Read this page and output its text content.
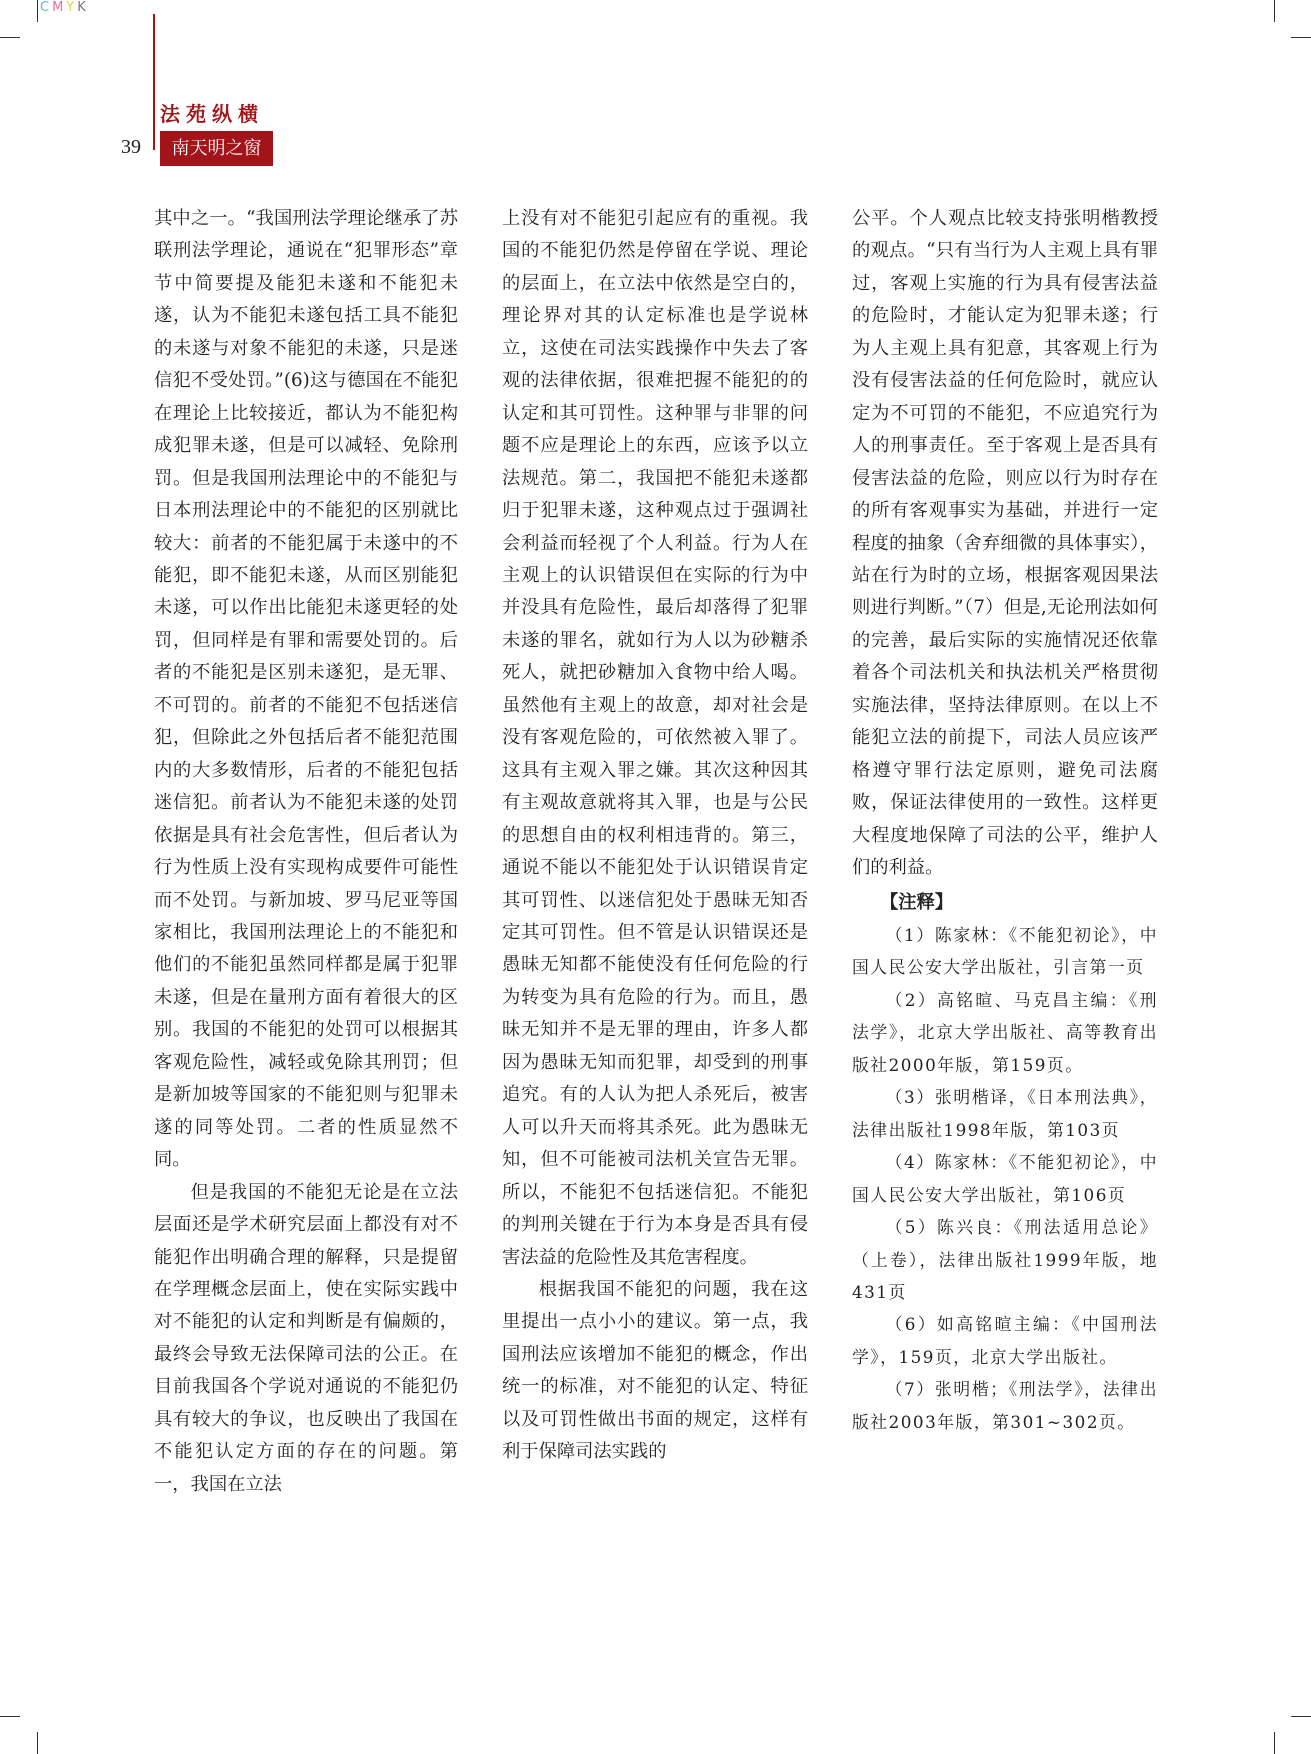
CMYK
法苑纵横
39	南天明之窗

其中之一。“我国刑法学理论继承了苏联刑法学理论，通说在“犯罪形态”章节中简要提及能犯未遂和不能犯未遂，认为不能犯未遂包括工具不能犯的未遂与对象不能犯的未遂，只是迷信犯不受处罚。”(6)这与德国在不能犯在理论上比较接近，都认为不能犯构成犯罪未遂，但是可以减轻、免除刑罚。但是我国刑法理论中的不能犯与日本刑法理论中的不能犯的区别就比较大：前者的不能犯属于未遂中的不能犯，即不能犯未遂，从而区别能犯未遂，可以作出比能犯未遂更轻的处罚，但同样是有罪和需要处罚的。后者的不能犯是区别未遂犯，是无罪、不可罚的。前者的不能犯不包括迷信犯，但除此之外包括后者不能犯范围内的大多数情形，后者的不能犯包括迷信犯。前者认为不能犯未遂的处罚依据是具有社会危害性，但后者认为行为性质上没有实现构成要件可能性而不处罚。与新加坡、罗马尼亚等国家相比，我国刑法理论上的不能犯和他们的不能犯虽然同样都是属于犯罪未遂，但是在量刑方面有着很大的区别。我国的不能犯的处罚可以根据其客观危险性，减轻或免除其刑罚；但是新加坡等国家的不能犯则与犯罪未遂的同等处罚。二者的性质显然不同。

但是我国的不能犯无论是在立法层面还是学术研究层面上都没有对不能犯作出明确合理的解释，只是提留在学理概念层面上，使在实际实践中对不能犯的认定和判断是有偏颇的，最终会导致无法保障司法的公正。在目前我国各个学说对通说的不能犯仍具有较大的争议，也反映出了我国在不能犯认定方面的存在的问题。第一，我国在立法

上没有对不能犯引起应有的重视。我国的不能犯仍然是停留在学说、理论的层面上，在立法中依然是空白的，理论界对其的认定标准也是学说林立，这使在司法实践操作中失去了客观的法律依据，很难把握不能犯的的认定和其可罚性。这种罪与非罪的问题不应是理论上的东西，应该予以立法规范。第二，我国把不能犯未遂都归于犯罪未遂，这种观点过于强调社会利益而轻视了个人利益。行为人在主观上的认识错误但在实际的行为中并没具有危险性，最后却落得了犯罪未遂的罪名，就如行为人以为砂糖杀死人，就把砂糖加入食物中给人喝。虽然他有主观上的故意，却对社会是没有客观危险的，可依然被入罪了。这具有主观入罪之嫌。其次这种因其有主观故意就将其入罪，也是与公民的思想自由的权利相违背的。第三，通说不能以不能犯处于认识错误肯定其可罚性、以迷信犯处于愚昧无知否定其可罚性。但不管是认识错误还是愚昧无知都不能使没有任何危险的行为转变为具有危险的行为。而且，愚昧无知并不是无罪的理由，许多人都因为愚昧无知而犯罪，却受到的刑事追究。有的人认为把人杀死后，被害人可以升天而将其杀死。此为愚昧无知，但不可能被司法机关宣告无罪。所以，不能犯不包括迷信犯。不能犯的判刑关键在于行为本身是否具有侵害法益的危险性及其危害程度。

根据我国不能犯的问题，我在这里提出一点小小的建议。第一点，我国刑法应该增加不能犯的概念，作出统一的标准，对不能犯的认定、特征以及可罚性做出书面的规定，这样有利于保障司法实践的

公平。个人观点比较支持张明楷教授的观点。“只有当行为人主观上具有罪过，客观上实施的行为具有侵害法益的危险时，才能认定为犯罪未遂；行为人主观上具有犯意，其客观上行为没有侵害法益的任何危险时，就应认定为不可罚的不能犯，不应追究行为人的刑事责任。至于客观上是否具有侵害法益的危险，则应以行为时存在的所有客观事实为基础，并进行一定程度的抽象（舍弃细微的具体事实），站在行为时的立场，根据客观因果法则进行判断。”（7）但是,无论刑法如何的完善，最后实际的实施情况还依靠着各个司法机关和执法机关严格贯彻实施法律，坚持法律原则。在以上不能犯立法的前提下，司法人员应该严格遵守罪行法定原则，避免司法腐败，保证法律使用的一致性。这样更大程度地保障了司法的公平，维护人们的利益。

【注释】

（1）陈家林：《不能犯初论》，中国人民公安大学出版社，引言第一页

（2）高铭暄、马克昌主编：《刑法学》，北京大学出版社、高等教育出版社2000年版，第159页。

（3）张明楷译，《日本刑法典》，法律出版社1998年版，第103页

（4）陈家林：《不能犯初论》，中国人民公安大学出版社，第106页

（5）陈兴良：《刑法适用总论》（上卷），法律出版社1999年版，地431页

（6）如高铭暄主编：《中国刑法学》，159页，北京大学出版社。

（7）张明楷；《刑法学》，法律出版社2003年版，第301~302页。
